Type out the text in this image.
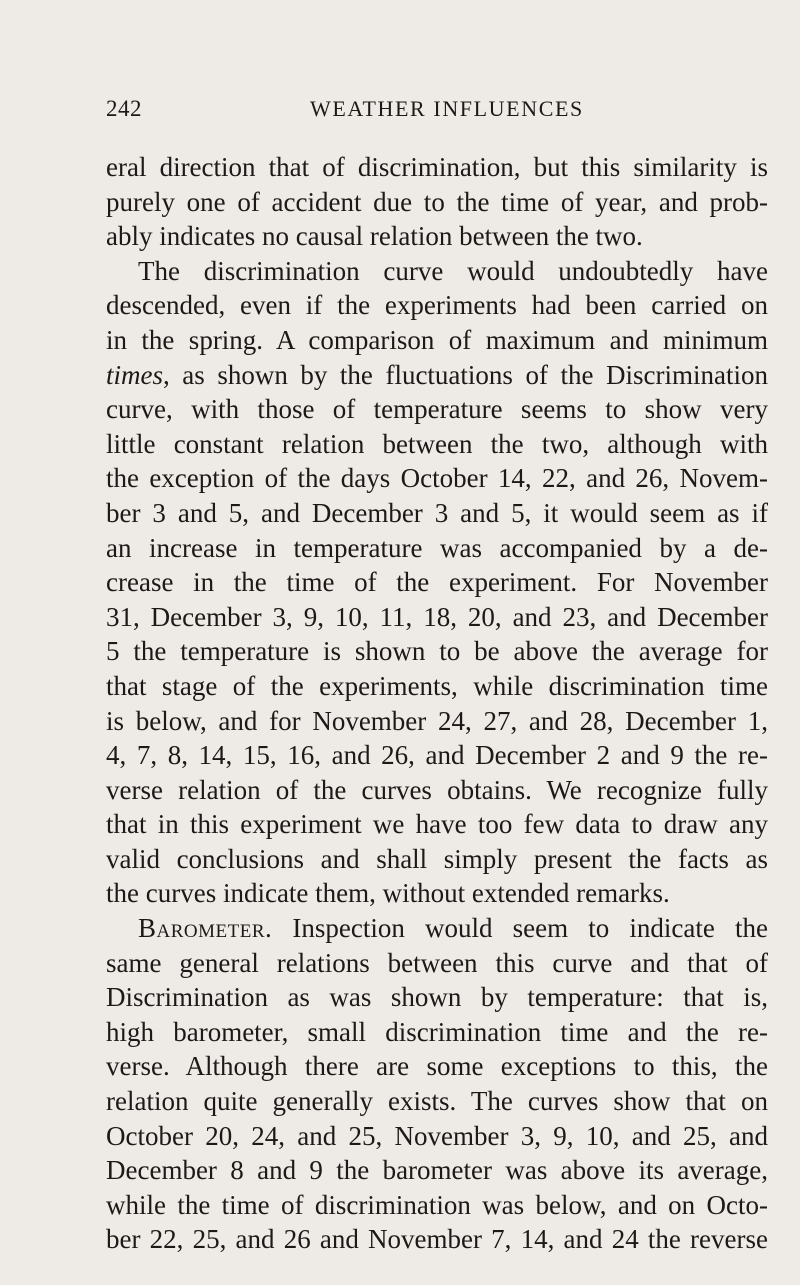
242	WEATHER INFLUENCES
eral direction that of discrimination, but this similarity is
purely one of accident due to the time of year, and prob-
ably indicates no causal relation between the two.
The discrimination curve would undoubtedly have
descended, even if the experiments had been carried on
in the spring. A comparison of maximum and minimum
times, as shown by the fluctuations of the Discrimination
curve, with those of temperature seems to show very
little constant relation between the two, although with
the exception of the days October 14, 22, and 26, Novem-
ber 3 and 5, and December 3 and 5, it would seem as if
an increase in temperature was accompanied by a de-
crease in the time of the experiment. For November
31, December 3, 9, 10, 11, 18, 20, and 23, and December
5 the temperature is shown to be above the average for
that stage of the experiments, while discrimination time
is below, and for November 24, 27, and 28, December 1,
4, 7, 8, 14, 15, 16, and 26, and December 2 and 9 the re-
verse relation of the curves obtains. We recognize fully
that in this experiment we have too few data to draw any
valid conclusions and shall simply present the facts as
the curves indicate them, without extended remarks.
Barometer. Inspection would seem to indicate the
same general relations between this curve and that of
Discrimination as was shown by temperature: that is,
high barometer, small discrimination time and the re-
verse. Although there are some exceptions to this, the
relation quite generally exists. The curves show that on
October 20, 24, and 25, November 3, 9, 10, and 25, and
December 8 and 9 the barometer was above its average,
while the time of discrimination was below, and on Octo-
ber 22, 25, and 26 and November 7, 14, and 24 the reverse
